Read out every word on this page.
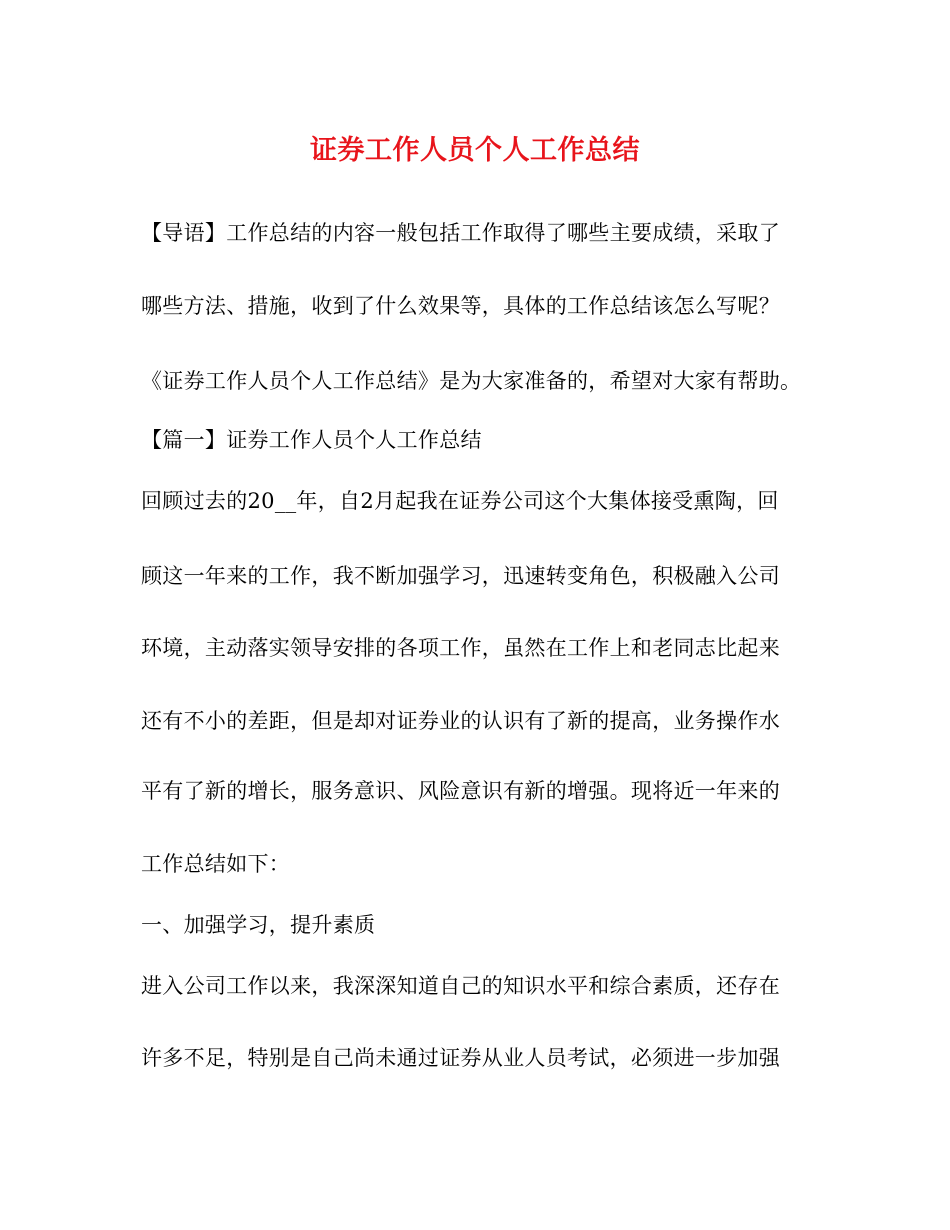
证券工作人员个人工作总结
【导语】工作总结的内容一般包括工作取得了哪些主要成绩，采取了
哪些方法、措施，收到了什么效果等，具体的工作总结该怎么写呢？
《证券工作人员个人工作总结》是为大家准备的，希望对大家有帮助。
【篇一】证券工作人员个人工作总结
回顾过去的20__年，自2月起我在证券公司这个大集体接受熏陶，回
顾这一年来的工作，我不断加强学习，迅速转变角色，积极融入公司
环境，主动落实领导安排的各项工作，虽然在工作上和老同志比起来
还有不小的差距，但是却对证券业的认识有了新的提高，业务操作水
平有了新的增长，服务意识、风险意识有新的增强。现将近一年来的
工作总结如下：
一、加强学习，提升素质
进入公司工作以来，我深深知道自己的知识水平和综合素质，还存在
许多不足，特别是自己尚未通过证券从业人员考试，必须进一步加强
